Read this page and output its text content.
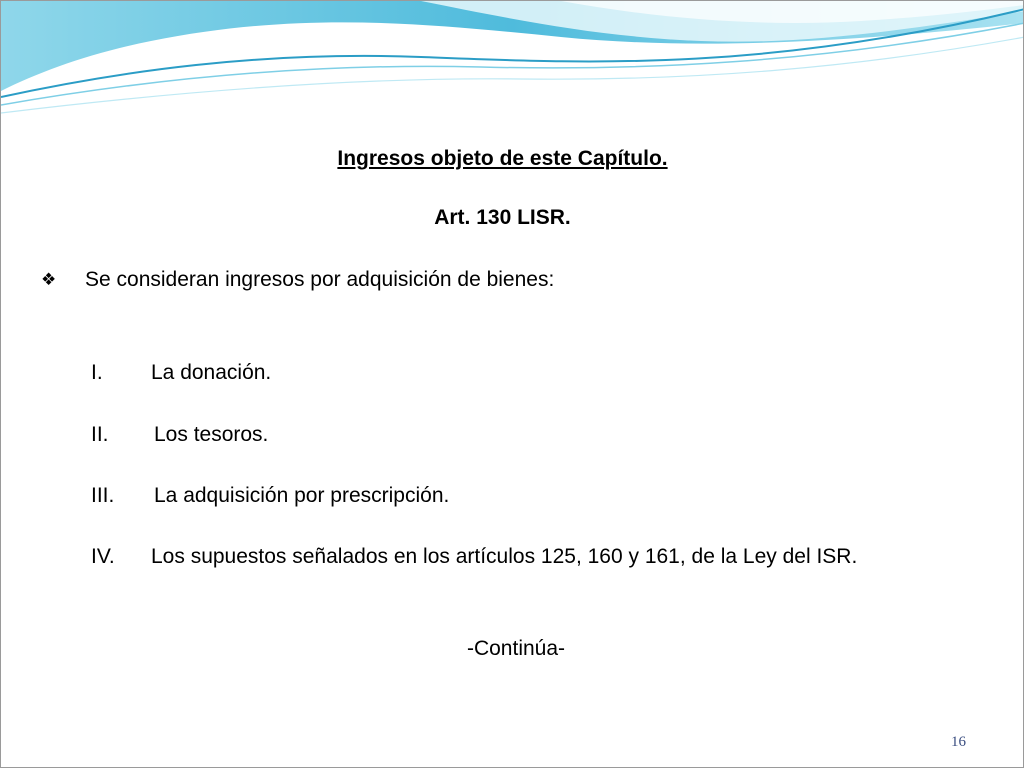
Ingresos objeto de este Capítulo.
Art. 130 LISR.
❖ Se consideran ingresos por adquisición de bienes:
I. La donación.
II. Los tesoros.
III. La adquisición por prescripción.
IV. Los supuestos señalados en los artículos 125, 160 y 161, de la Ley del ISR.
-Continúa-
16
